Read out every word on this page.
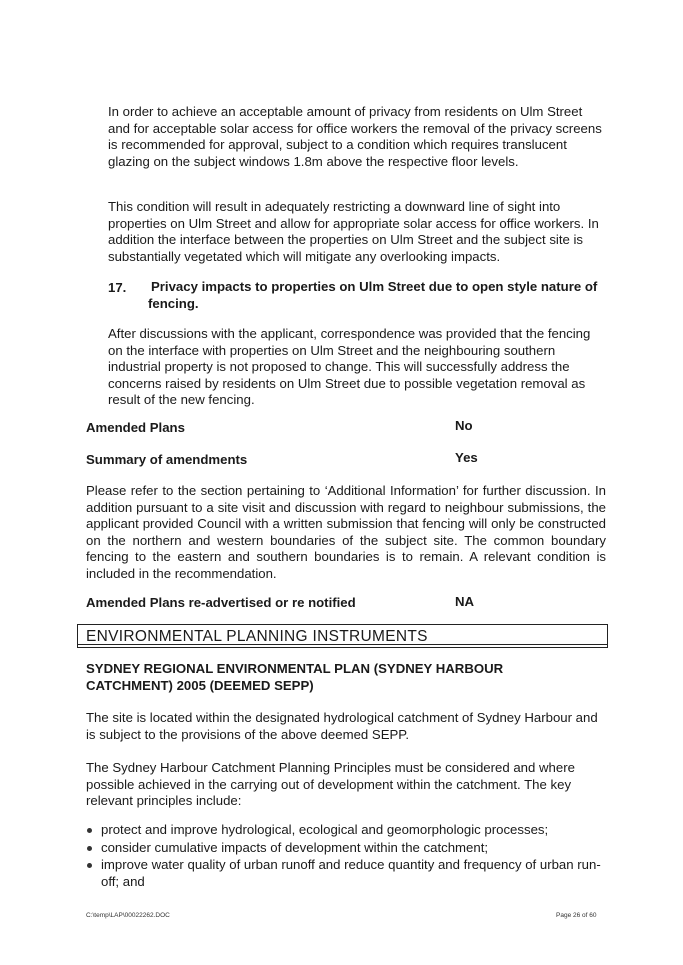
In order to achieve an acceptable amount of privacy from residents on Ulm Street and for acceptable solar access for office workers the removal of the privacy screens is recommended for approval, subject to a condition which requires translucent glazing on the subject windows 1.8m above the respective floor levels.

This condition will result in adequately restricting a downward line of sight into properties on Ulm Street and allow for appropriate solar access for office workers. In addition the interface between the properties on Ulm Street and the subject site is substantially vegetated which will mitigate any overlooking impacts.

17. Privacy impacts to properties on Ulm Street due to open style nature of fencing.

After discussions with the applicant, correspondence was provided that the fencing on the interface with properties on Ulm Street and the neighbouring southern industrial property is not proposed to change. This will successfully address the concerns raised by residents on Ulm Street due to possible vegetation removal as result of the new fencing.

Amended Plans	No
Summary of amendments	Yes

Please refer to the section pertaining to ‘Additional Information’ for further discussion. In addition pursuant to a site visit and discussion with regard to neighbour submissions, the applicant provided Council with a written submission that fencing will only be constructed on the northern and western boundaries of the subject site. The common boundary fencing to the eastern and southern boundaries is to remain. A relevant condition is included in the recommendation.

Amended Plans re-advertised or re notified	NA
ENVIRONMENTAL PLANNING INSTRUMENTS
SYDNEY REGIONAL ENVIRONMENTAL PLAN (SYDNEY HARBOUR CATCHMENT) 2005 (DEEMED SEPP)

The site is located within the designated hydrological catchment of Sydney Harbour and is subject to the provisions of the above deemed SEPP.

The Sydney Harbour Catchment Planning Principles must be considered and where possible achieved in the carrying out of development within the catchment. The key relevant principles include:

protect and improve hydrological, ecological and geomorphologic processes;
consider cumulative impacts of development within the catchment;
improve water quality of urban runoff and reduce quantity and frequency of urban run-off; and
C:\temp\LAP\00022262.DOC	Page 26 of 60
